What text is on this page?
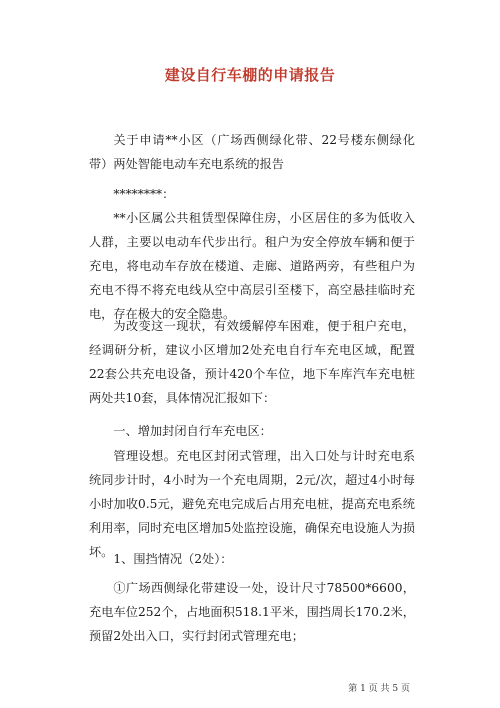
建设自行车棚的申请报告

关于申请**小区（广场西侧绿化带、22号楼东侧绿化带）两处智能电动车充电系统的报告

********：

**小区属公共租赁型保障住房，小区居住的多为低收入人群，主要以电动车代步出行。租户为安全停放车辆和便于充电，将电动车存放在楼道、走廊、道路两旁，有些租户为充电不得不将充电线从空中高层引至楼下，高空悬挂临时充电，存在极大的安全隐患。

为改变这一现状，有效缓解停车困难，便于租户充电，经调研分析，建议小区增加2处充电自行车充电区域，配置22套公共充电设备，预计420个车位，地下车库汽车充电桩两处共10套，具体情况汇报如下：

一、增加封闭自行车充电区：

管理设想。充电区封闭式管理，出入口处与计时充电系统同步计时，4小时为一个充电周期，2元/次，超过4小时每小时加收0.5元，避免充电完成后占用充电桩，提高充电系统利用率，同时充电区增加5处监控设施，确保充电设施人为损坏。 1、围挡情况（2处）：

①广场西侧绿化带建设一处，设计尺寸78500*6600，充电车位252个，占地面积518.1平米，围挡周长170.2米，预留2处出入口，实行封闭式管理充电；

第 1 页 共 5 页
